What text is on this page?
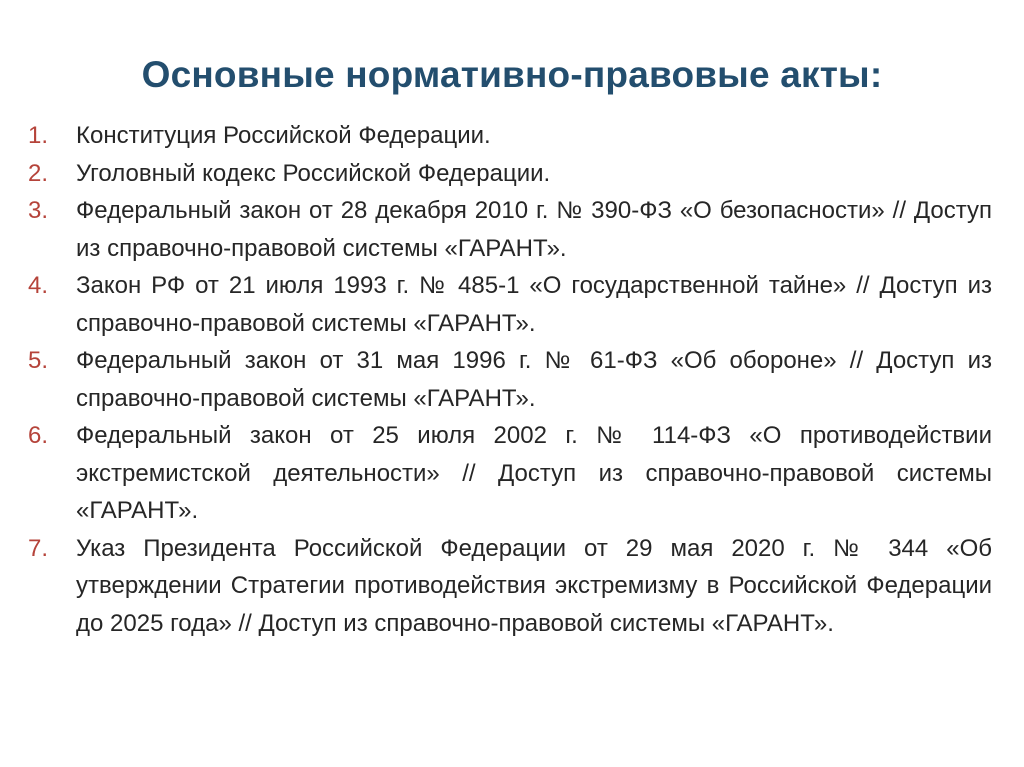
Основные нормативно-правовые акты:
1.	Конституция Российской Федерации.
2.	Уголовный кодекс Российской Федерации.
3.	Федеральный закон от 28 декабря 2010 г. № 390-ФЗ «О безопасности» // Доступ из справочно-правовой системы «ГАРАНТ».
4.	Закон РФ от 21 июля 1993 г. № 485-1 «О государственной тайне» // Доступ из справочно-правовой системы «ГАРАНТ».
5.	Федеральный закон от 31 мая 1996 г. № 61-ФЗ «Об обороне» // Доступ из справочно-правовой системы «ГАРАНТ».
6.	Федеральный закон от 25 июля 2002 г. № 114-ФЗ «О противодействии экстремистской деятельности» // Доступ из справочно-правовой системы «ГАРАНТ».
7.	Указ Президента Российской Федерации от 29 мая 2020 г. № 344 «Об утверждении Стратегии противодействия экстремизму в Российской Федерации до 2025 года» // Доступ из справочно-правовой системы «ГАРАНТ».
